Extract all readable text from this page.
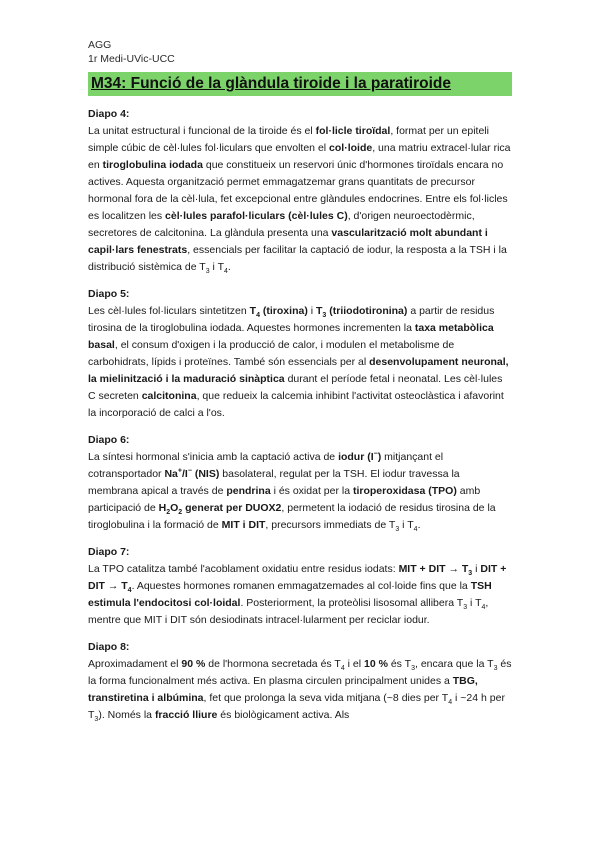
AGG
1r Medi-UVic-UCC
M34: Funció de la glàndula tiroide i la paratiroide
Diapo 4:
La unitat estructural i funcional de la tiroide és el fol·licle tiroïdal, format per un epiteli simple cúbic de cèl·lules fol·liculars que envolten el col·loide, una matriu extracel·lular rica en tiroglobulina iodada que constitueix un reservori únic d'hormones tiroïdals encara no actives. Aquesta organització permet emmagatzemar grans quantitats de precursor hormonal fora de la cèl·lula, fet excepcional entre glàndules endocrines. Entre els fol·licles es localitzen les cèl·lules parafol·liculars (cèl·lules C), d'origen neuroectodèrmic, secretores de calcitonina. La glàndula presenta una vascularització molt abundant i capil·lars fenestrats, essencials per facilitar la captació de iodur, la resposta a la TSH i la distribució sistèmica de $T_3$ i $T_4$.
Diapo 5:
Les cèl·lules fol·liculars sintetitzen $T_4$ (tiroxina) i $T_3$ (triiodotironina) a partir de residus tirosina de la tiroglobulina iodada. Aquestes hormones incrementen la taxa metabòlica basal, el consum d'oxigen i la producció de calor, i modulen el metabolisme de carbohidrats, lípids i proteïnes. També són essencials per al desenvolupament neuronal, la mielinització i la maduració sinàptica durant el període fetal i neonatal. Les cèl·lules C secreten calcitonina, que redueix la calcemia inhibint l'activitat osteoclàstica i afavorint la incorporació de calci a l'os.
Diapo 6:
La síntesi hormonal s'inicia amb la captació activa de iodur (I−) mitjançant el cotransportador Na+/I− (NIS) basolateral, regulat per la TSH. El iodur travessa la membrana apical a través de pendrina i és oxidat per la tiroperoxidasa (TPO) amb participació de $H_2O_2$ generat per DUOX2, permetent la iodació de residus tirosina de la tiroglobulina i la formació de MIT i DIT, precursors immediats de $T_3$ i $T_4$.
Diapo 7:
La TPO catalitza també l'acoblament oxidatiu entre residus iodats: MIT + DIT → $T_3$ i DIT + DIT → $T_4$. Aquestes hormones romanen emmagatzemades al col·loide fins que la TSH estimula l'endocitosi col·loidal. Posteriorment, la proteòlisi lisosomal allibera $T_3$ i $T_4$, mentre que MIT i DIT són desiodinats intracel·lularment per reciclar iodur.
Diapo 8:
Aproximadament el 90 % de l'hormona secretada és $T_4$ i el 10 % és $T_3$, encara que la $T_3$ és la forma funcionalment més activa. En plasma circulen principalment unides a TBG, transtiretina i albúmina, fet que prolonga la seva vida mitjana (~8 dies per $T_4$ i ~24 h per $T_3$). Només la fracció lliure és biològicament activa. Als
